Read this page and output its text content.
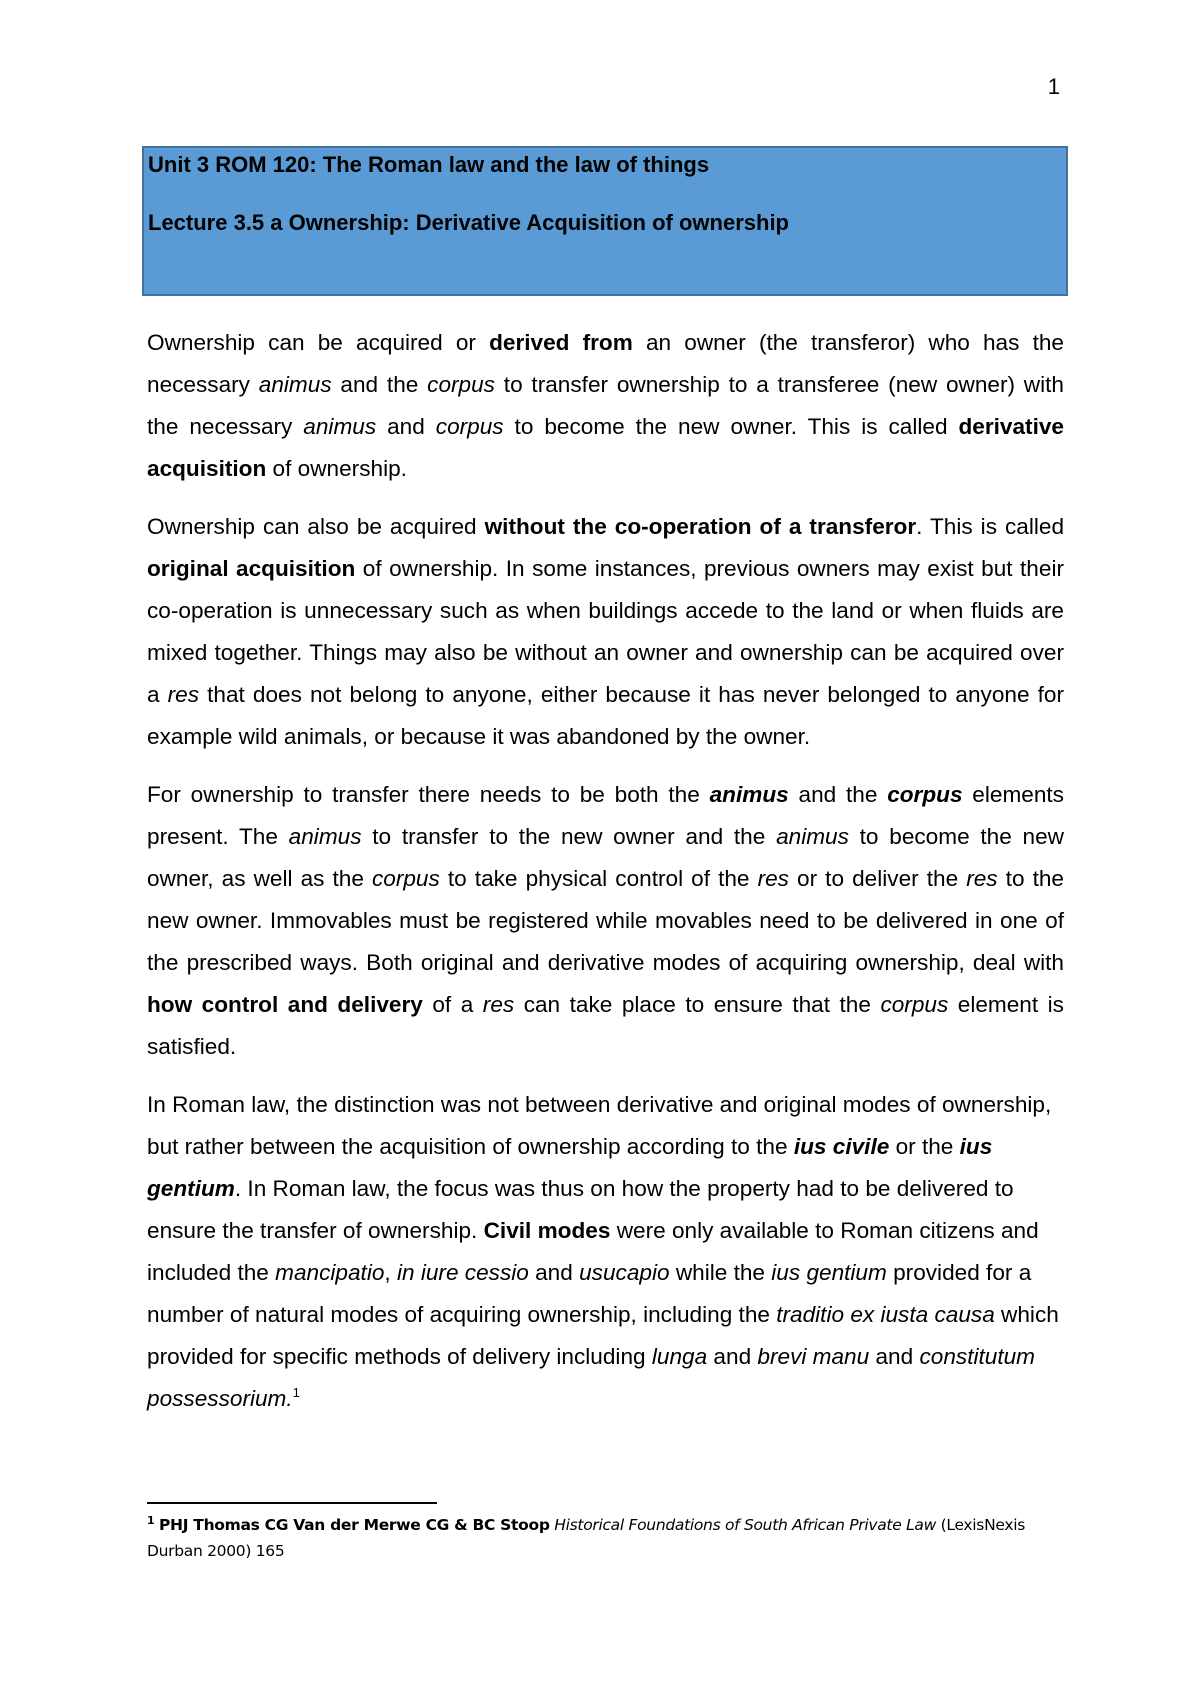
1
Unit 3 ROM 120: The Roman law and the law of things
Lecture 3.5 a Ownership: Derivative Acquisition of ownership

Ownership can be acquired or derived from an owner (the transferor) who has the necessary animus and the corpus to transfer ownership to a transferee (new owner) with the necessary animus and corpus to become the new owner. This is called derivative acquisition of ownership.

Ownership can also be acquired without the co-operation of a transferor. This is called original acquisition of ownership. In some instances, previous owners may exist but their co-operation is unnecessary such as when buildings accede to the land or when fluids are mixed together. Things may also be without an owner and ownership can be acquired over a res that does not belong to anyone, either because it has never belonged to anyone for example wild animals, or because it was abandoned by the owner.

For ownership to transfer there needs to be both the animus and the corpus elements present. The animus to transfer to the new owner and the animus to become the new owner, as well as the corpus to take physical control of the res or to deliver the res to the new owner. Immovables must be registered while movables need to be delivered in one of the prescribed ways. Both original and derivative modes of acquiring ownership, deal with how control and delivery of a res can take place to ensure that the corpus element is satisfied.

In Roman law, the distinction was not between derivative and original modes of ownership, but rather between the acquisition of ownership according to the ius civile or the ius gentium. In Roman law, the focus was thus on how the property had to be delivered to ensure the transfer of ownership. Civil modes were only available to Roman citizens and included the mancipatio, in iure cessio and usucapio while the ius gentium provided for a number of natural modes of acquiring ownership, including the traditio ex iusta causa which provided for specific methods of delivery including lunga and brevi manu and constitutum possessorium.$^1$

$^1$ PHJ Thomas CG Van der Merwe CG & BC Stoop Historical Foundations of South African Private Law (LexisNexis Durban 2000) 165
